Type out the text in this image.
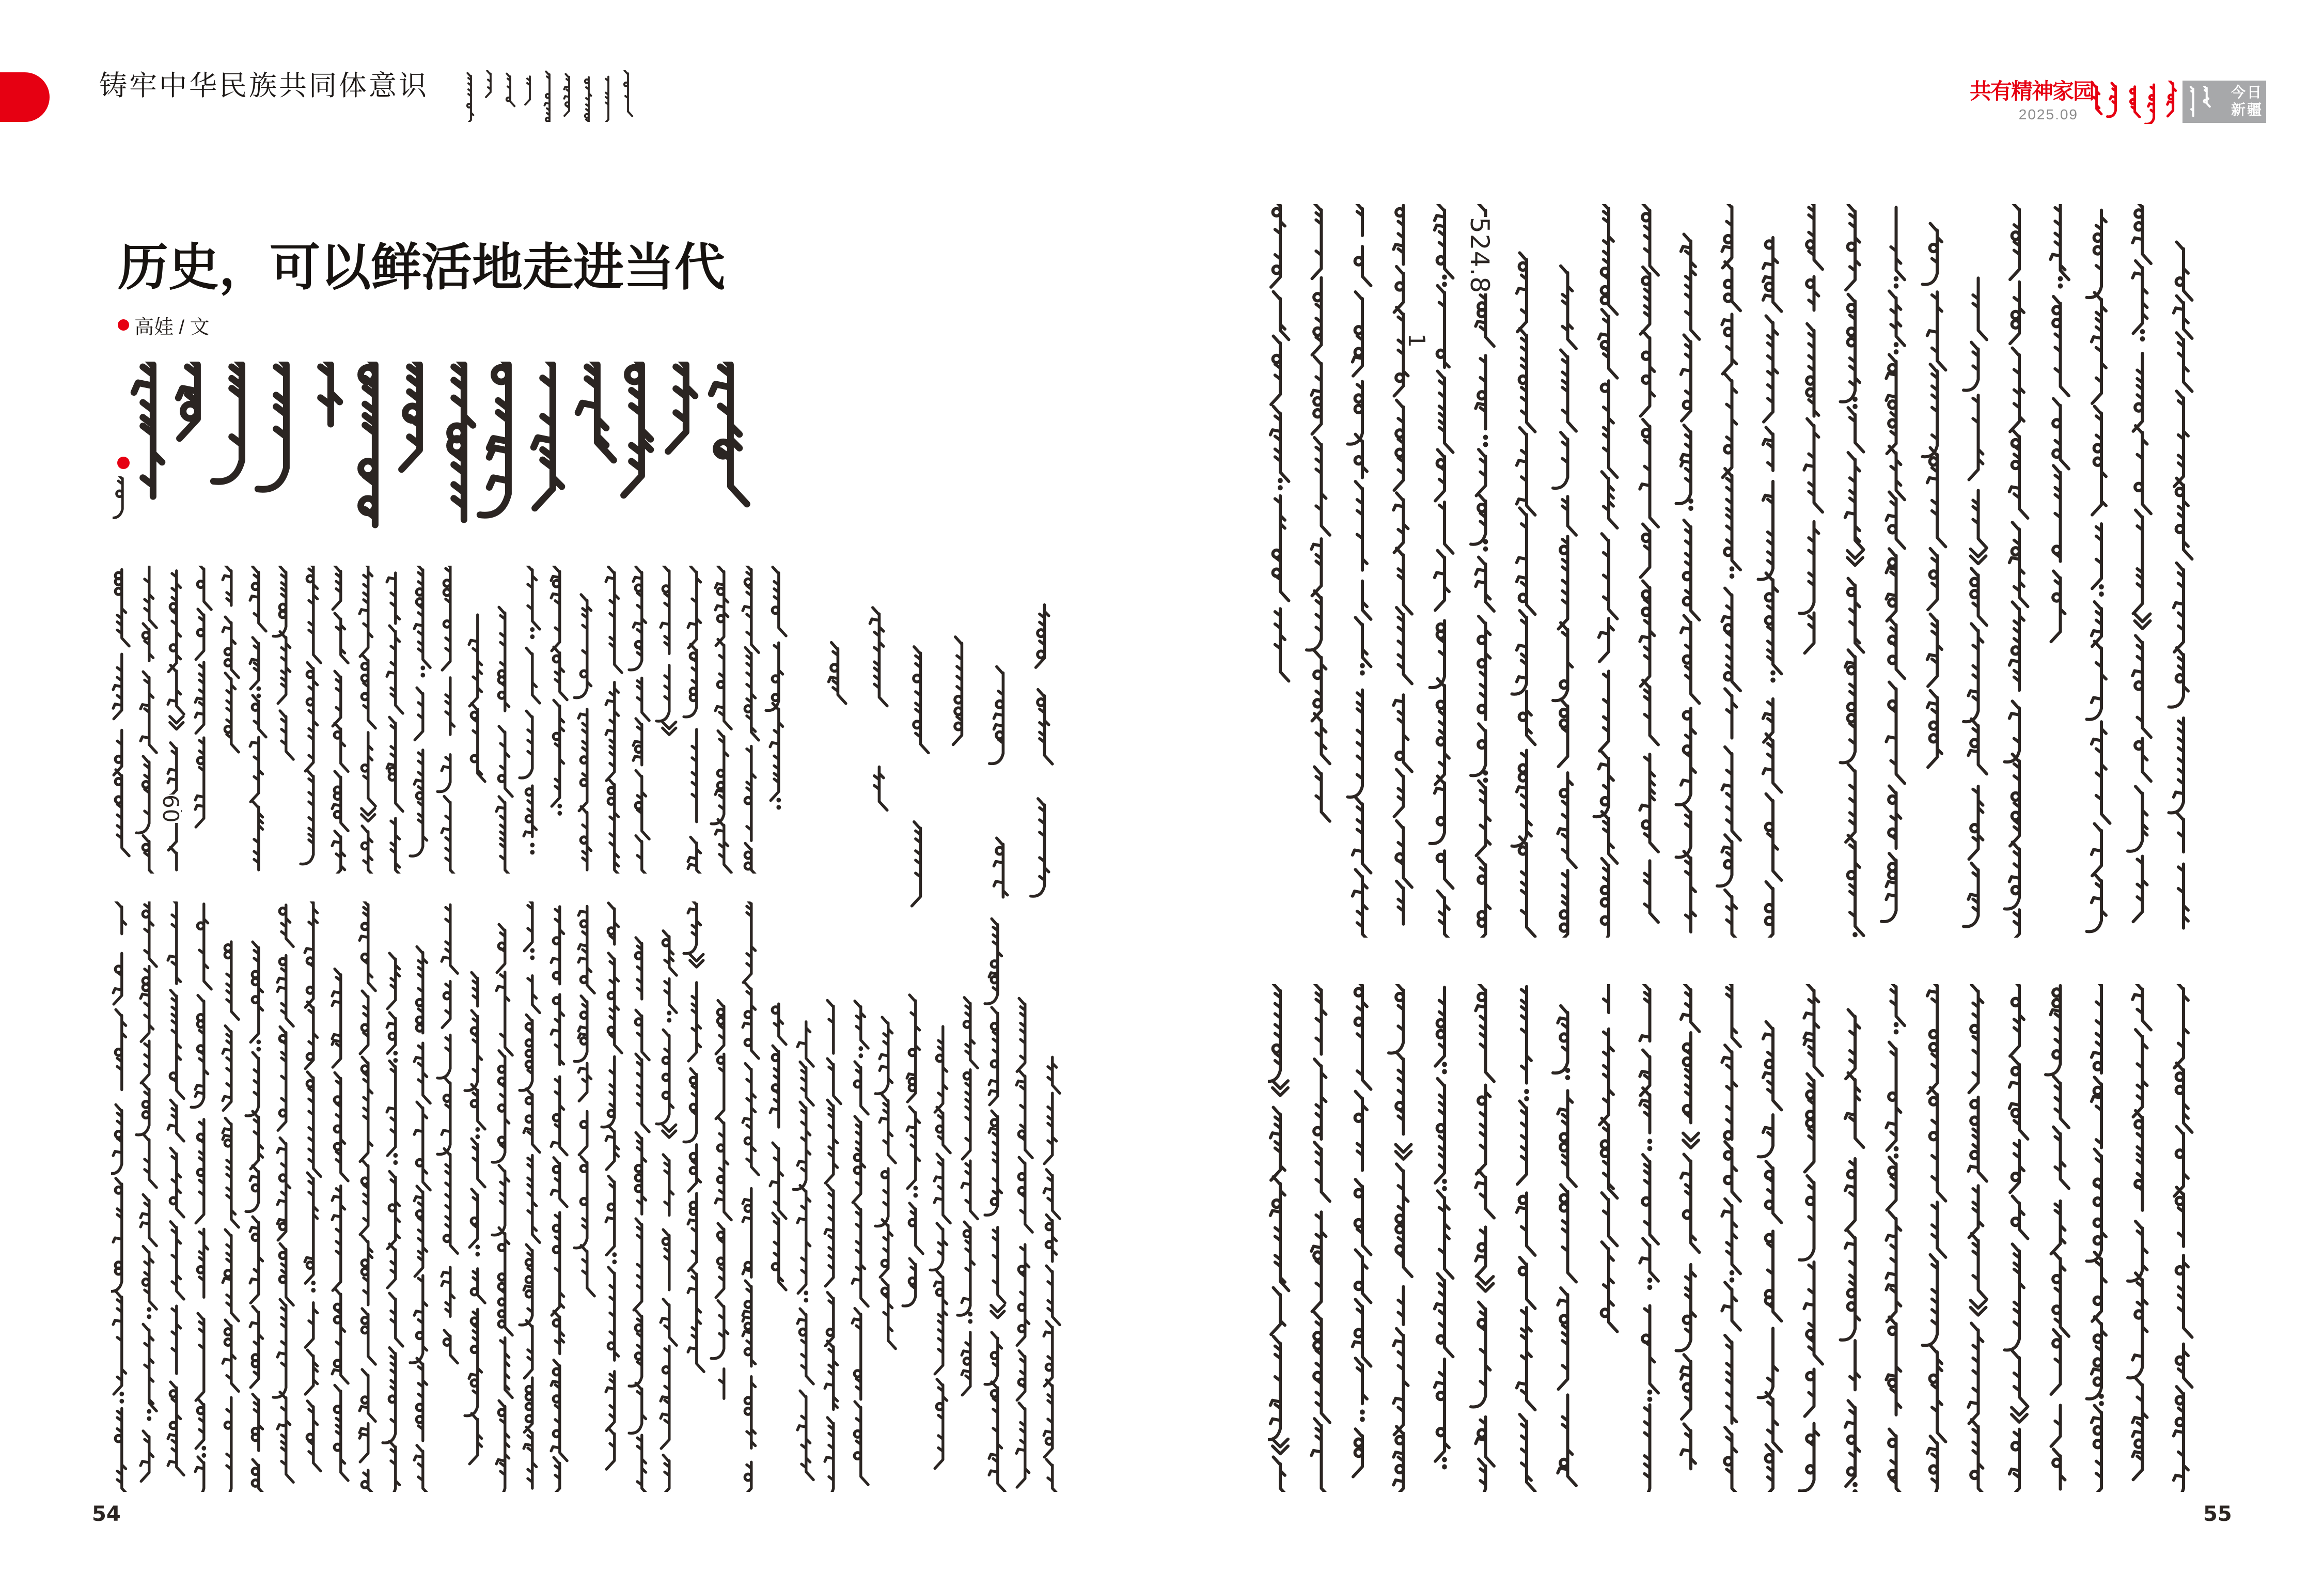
铸牢中华民族共同体意识	共有精神家园
2025.09
今日
新疆
历史，可以鲜活地走进当代
高娃 / 文
524.8
1
60
54	55
